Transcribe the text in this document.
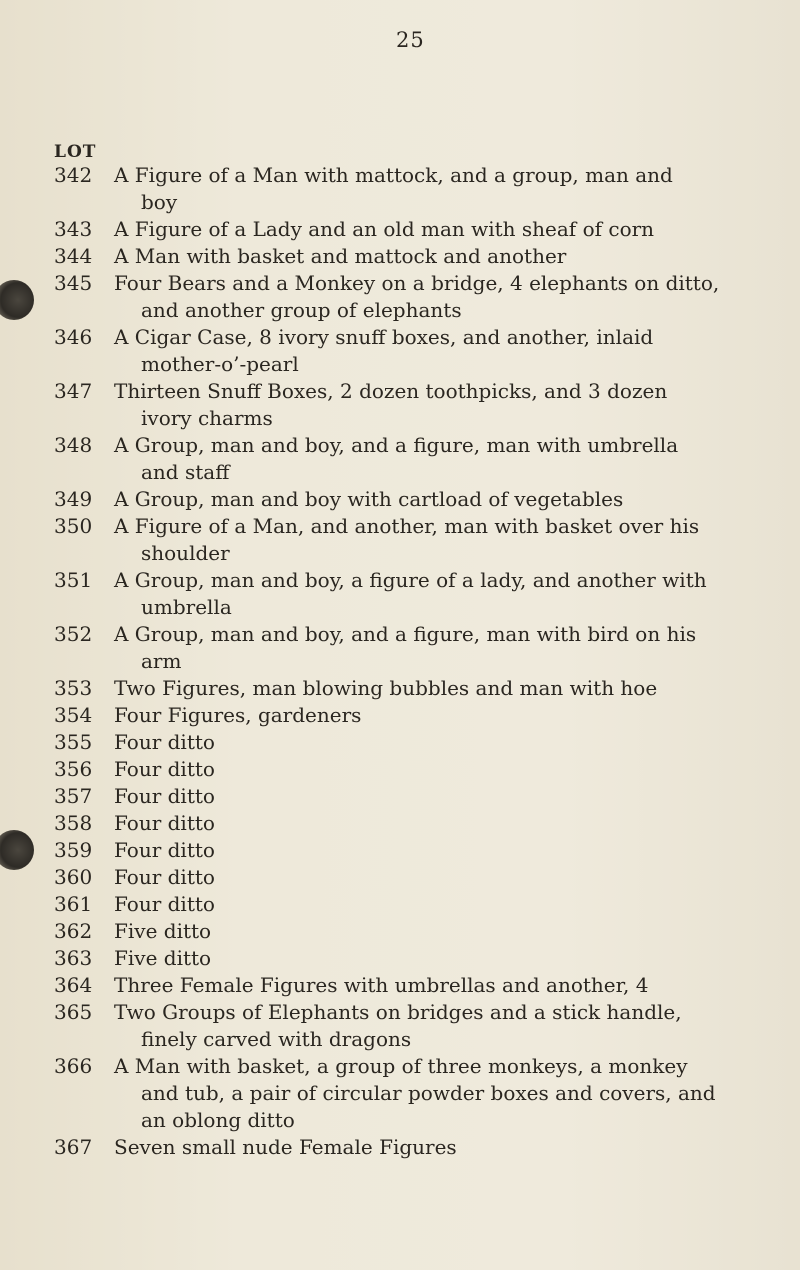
25
LOT
342	A Figure of a Man with mattock, and a group, man and
boy
343	A Figure of a Lady and an old man with sheaf of corn
344	A Man with basket and mattock and another
345	Four Bears and a Monkey on a bridge, 4 elephants on ditto,
and another group of elephants
346	A Cigar Case, 8 ivory snuff boxes, and another, inlaid
mother-o’-pearl
347	Thirteen Snuff Boxes, 2 dozen toothpicks, and 3 dozen
ivory charms
348	A Group, man and boy, and a figure, man with umbrella
and staff
349	A Group, man and boy with cartload of vegetables
350	A Figure of a Man, and another, man with basket over his
shoulder
351	A Group, man and boy, a figure of a lady, and another with
umbrella
352	A Group, man and boy, and a figure, man with bird on his
arm
353	Two Figures, man blowing bubbles and man with hoe
354	Four Figures, gardeners
355	Four ditto
356	Four ditto
357	Four ditto
358	Four ditto
359	Four ditto
360	Four ditto
361	Four ditto
362	Five ditto
363	Five ditto
364	Three Female Figures with umbrellas and another, 4
365	Two Groups of Elephants on bridges and a stick handle,
finely carved with dragons
366	A Man with basket, a group of three monkeys, a monkey
and tub, a pair of circular powder boxes and covers, and
an oblong ditto
367	Seven small nude Female Figures
